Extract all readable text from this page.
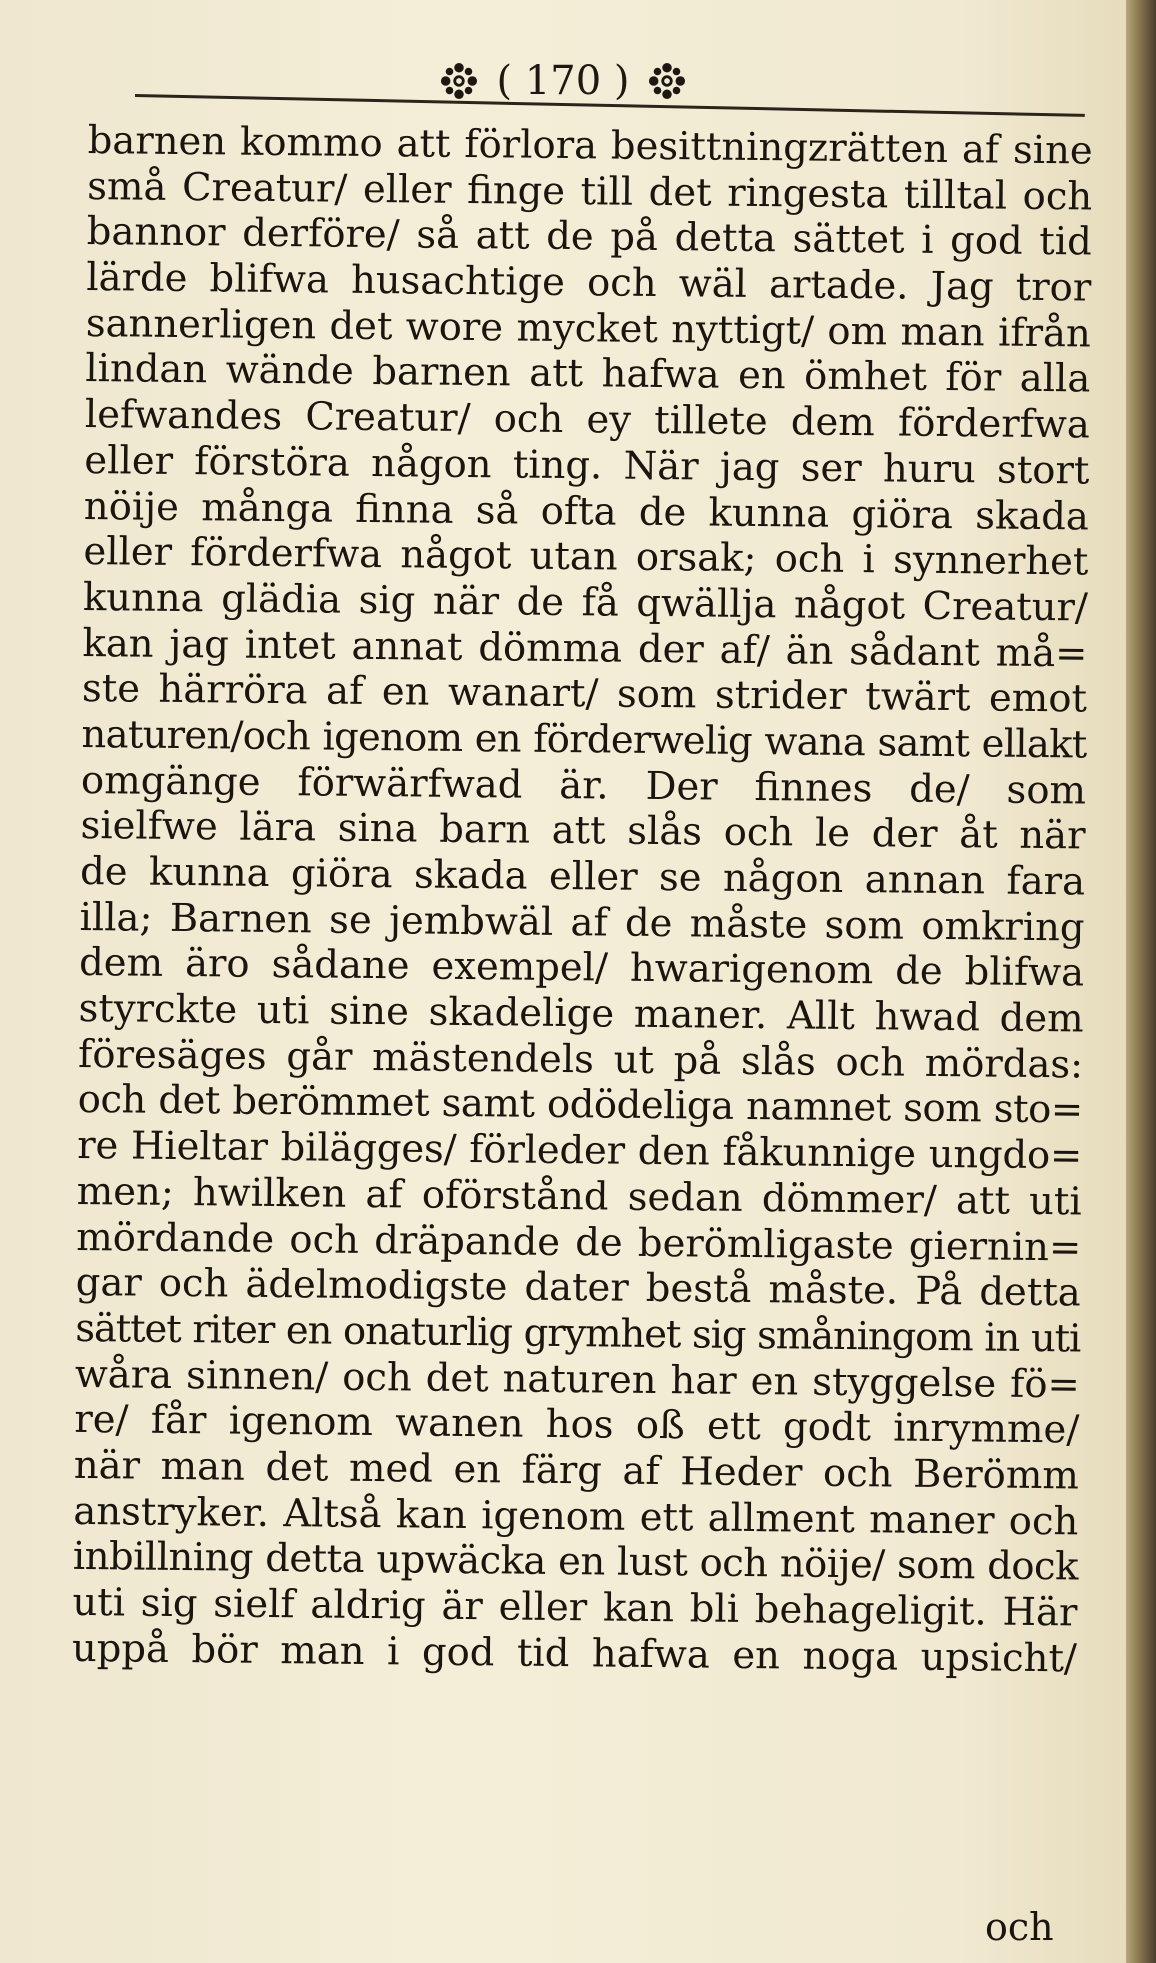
( 170 )
barnen kommo att förlora besittningzrätten af sine
små Creatur/ eller finge till det ringesta tilltal och
bannor derföre/ så att de på detta sättet i god tid
lärde blifwa husachtige och wäl artade. Jag tror
sannerligen det wore mycket nyttigt/ om man ifrån
lindan wände barnen att hafwa en ömhet för alla
lefwandes Creatur/ och ey tillete dem förderfwa
eller förstöra någon ting. När jag ser huru stort
nöije många finna så ofta de kunna giöra skada
eller förderfwa något utan orsak; och i synnerhet
kunna glädia sig när de få qwällja något Creatur/
kan jag intet annat dömma der af/ än sådant må=
ste härröra af en wanart/ som strider twärt emot
naturen/och igenom en förderwelig wana samt ellakt
omgänge förwärfwad är. Der finnes de/ som
sielfwe lära sina barn att slås och le der åt när
de kunna giöra skada eller se någon annan fara
illa; Barnen se jembwäl af de måste som omkring
dem äro sådane exempel/ hwarigenom de blifwa
styrckte uti sine skadelige maner. Allt hwad dem
föresäges går mästendels ut på slås och mördas:
och det berömmet samt odödeliga namnet som sto=
re Hieltar bilägges/ förleder den fåkunnige ungdo=
men; hwilken af oförstånd sedan dömmer/ att uti
mördande och dräpande de berömligaste giernin=
gar och ädelmodigste dater bestå måste. På detta
sättet riter en onaturlig grymhet sig småningom in uti
wåra sinnen/ och det naturen har en styggelse fö=
re/ får igenom wanen hos oß ett godt inrymme/
när man det med en färg af Heder och Berömm
anstryker. Altså kan igenom ett allment maner och
inbillning detta upwäcka en lust och nöije/ som dock
uti sig sielf aldrig är eller kan bli behageligit. Här
uppå bör man i god tid hafwa en noga upsicht/
och
